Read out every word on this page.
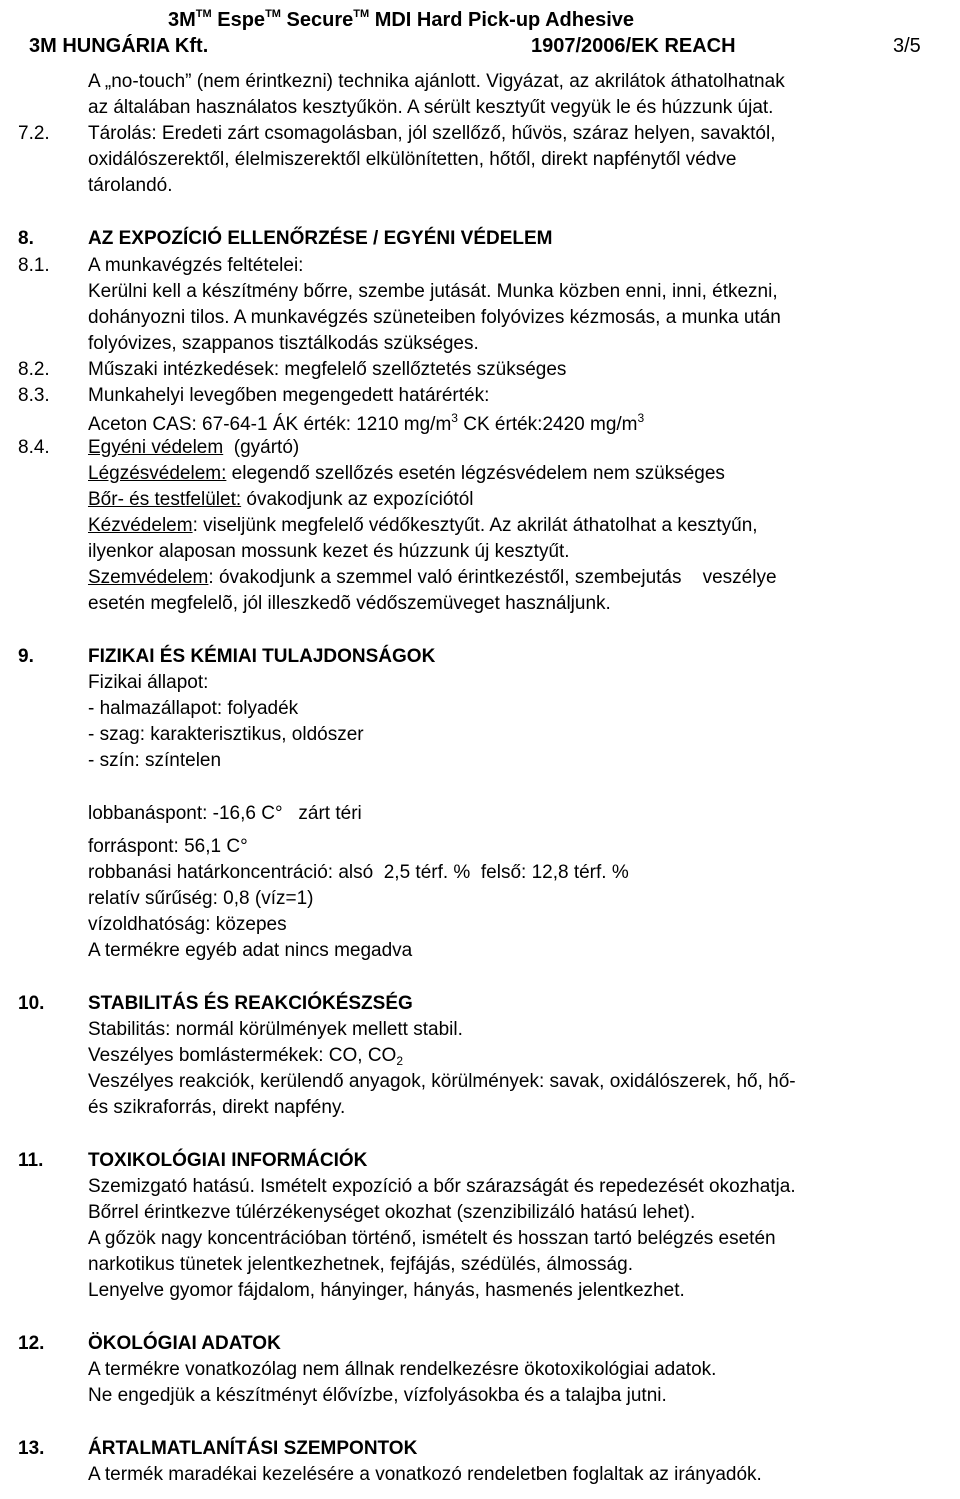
3M™ Espe™ Secure™ MDI Hard Pick-up Adhesive
3M HUNGÁRIA Kft.	1907/2006/EK REACH	3/5
A „no-touch” (nem érintkezni) technika ajánlott. Vigyázat, az akrilátok áthatolhatnak
az általában használatos kesztyűkön. A sérült kesztyűt vegyük le és húzzunk újat.
7.2. Tárolás: Eredeti zárt csomagolásban, jól szellőző, hűvös, száraz helyen, savaktól,
oxidálószerektől, élelmiszerektől elkülönítetten, hőtől, direkt napfénytől védve
tárolandó.
8.	AZ EXPOZÍCIÓ ELLENŐRZÉSE / EGYÉNI VÉDELEM
8.1. A munkavégzés feltételei:
Kerülni kell a készítmény bőrre, szembe jutását. Munka közben enni, inni, étkezni,
dohányozni tilos. A munkavégzés szüneteiben folyóvizes kézmosás, a munka után
folyóvizes, szappanos tisztálkodás szükséges.
8.2. Műszaki intézkedések: megfelelő szellőztetés szükséges
8.3. Munkahelyi levegőben megengedett határérték:
Aceton CAS: 67-64-1 ÁK érték: 1210 $mg/m^3$ CK érték:2420 $mg/m^3$
8.4. Egyéni védelem  (gyártó)
Légzésvédelem: elegendő szellőzés esetén légzésvédelem nem szükséges
Bőr- és testfelület: óvakodjunk az expozíciótól
Kézvédelem: viseljünk megfelelő védőkesztyűt. Az akrilát áthatolhat a kesztyűn,
ilyenkor alaposan mossunk kezet és húzzunk új kesztyűt.
Szemvédelem: óvakodjunk a szemmel való érintkezéstől, szembejutás    veszélye
esetén megfelelõ, jól illeszkedõ védőszemüveget használjunk.
9.	FIZIKAI ÉS KÉMIAI TULAJDONSÁGOK
Fizikai állapot:
- halmazállapot: folyadék
- szag: karakterisztikus, oldószer
- szín: színtelen
lobbanáspont: -16,6 C°   zárt téri
forráspont: 56,1 C°
robbanási határkoncentráció: alsó  2,5 térf. %  felső: 12,8 térf. %
relatív sűrűség: 0,8 (víz=1)
vízoldhatóság: közepes
A termékre egyéb adat nincs megadva
10. STABILITÁS ÉS REAKCIÓKÉSZSÉG
Stabilitás: normál körülmények mellett stabil.
Veszélyes bomlástermékek: CO, $CO_2$
Veszélyes reakciók, kerülendő anyagok, körülmények: savak, oxidálószerek, hő, hő-
és szikraforrás, direkt napfény.
11. TOXIKOLÓGIAI INFORMÁCIÓK
Szemizgató hatású. Ismételt expozíció a bőr szárazságát és repedezését okozhatja.
Bőrrel érintkezve túlérzékenységet okozhat (szenzibilizáló hatású lehet).
A gőzök nagy koncentrációban történő, ismételt és hosszan tartó belégzés esetén
narkotikus tünetek jelentkezhetnek, fejfájás, szédülés, álmosság.
Lenyelve gyomor fájdalom, hányinger, hányás, hasmenés jelentkezhet.
12. ÖKOLÓGIAI ADATOK
A termékre vonatkozólag nem állnak rendelkezésre ökotoxikológiai adatok.
Ne engedjük a készítményt élővízbe, vízfolyásokba és a talajba jutni.
13. ÁRTALMATLANÍTÁSI SZEMPONTOK
A termék maradékai kezelésére a vonatkozó rendeletben foglaltak az irányadók.
